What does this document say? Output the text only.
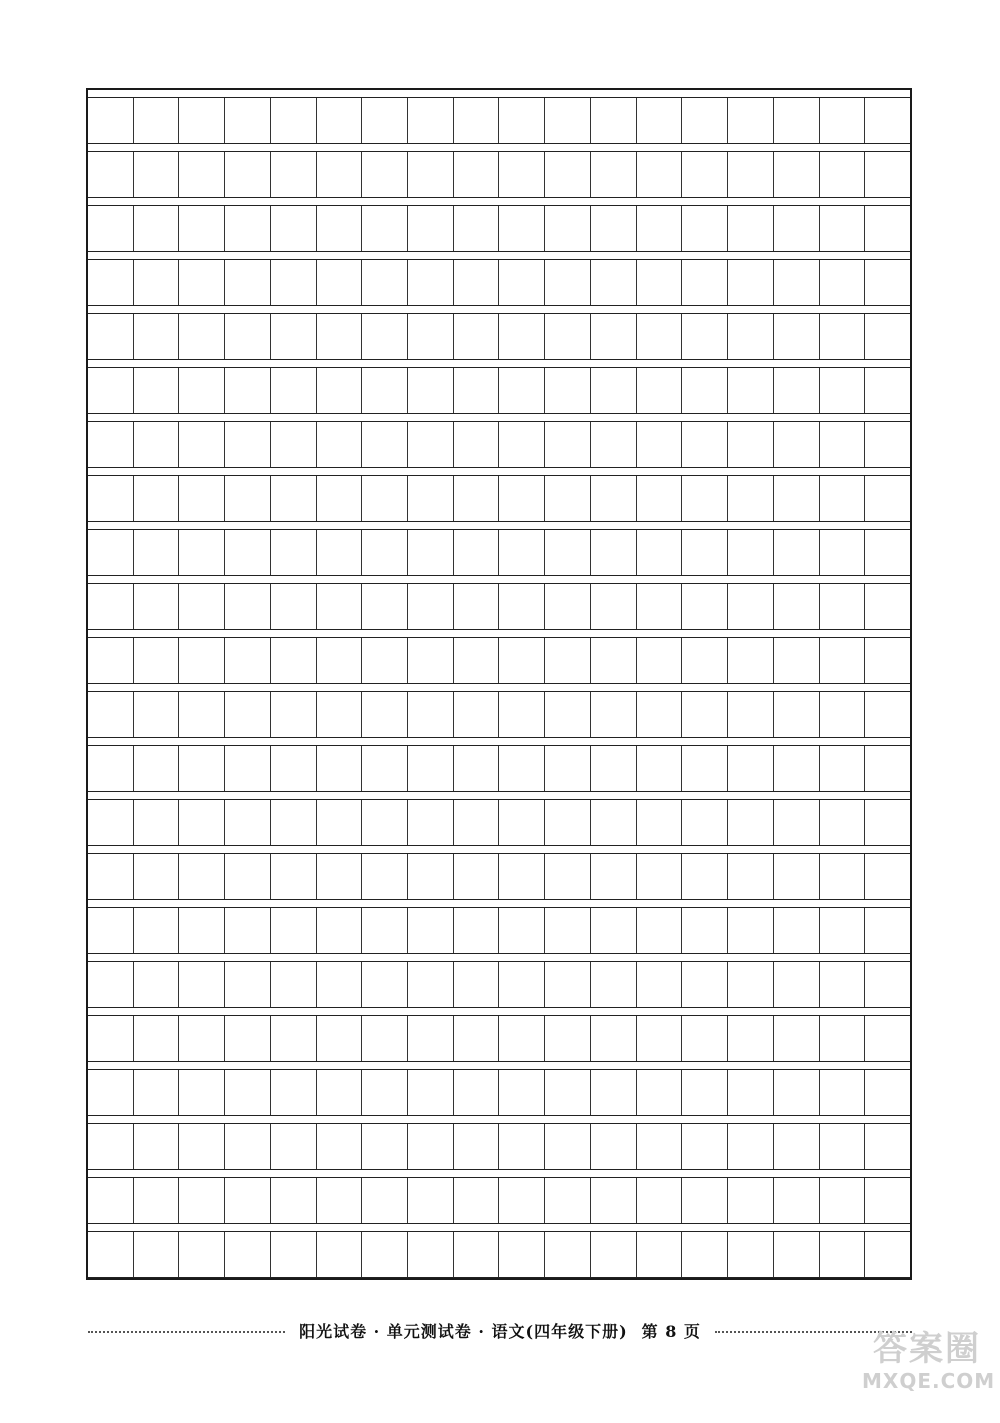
阳光试卷 · 单元测试卷 · 语文(四年级下册) 第 8 页	答案圈
MXQE.COM
